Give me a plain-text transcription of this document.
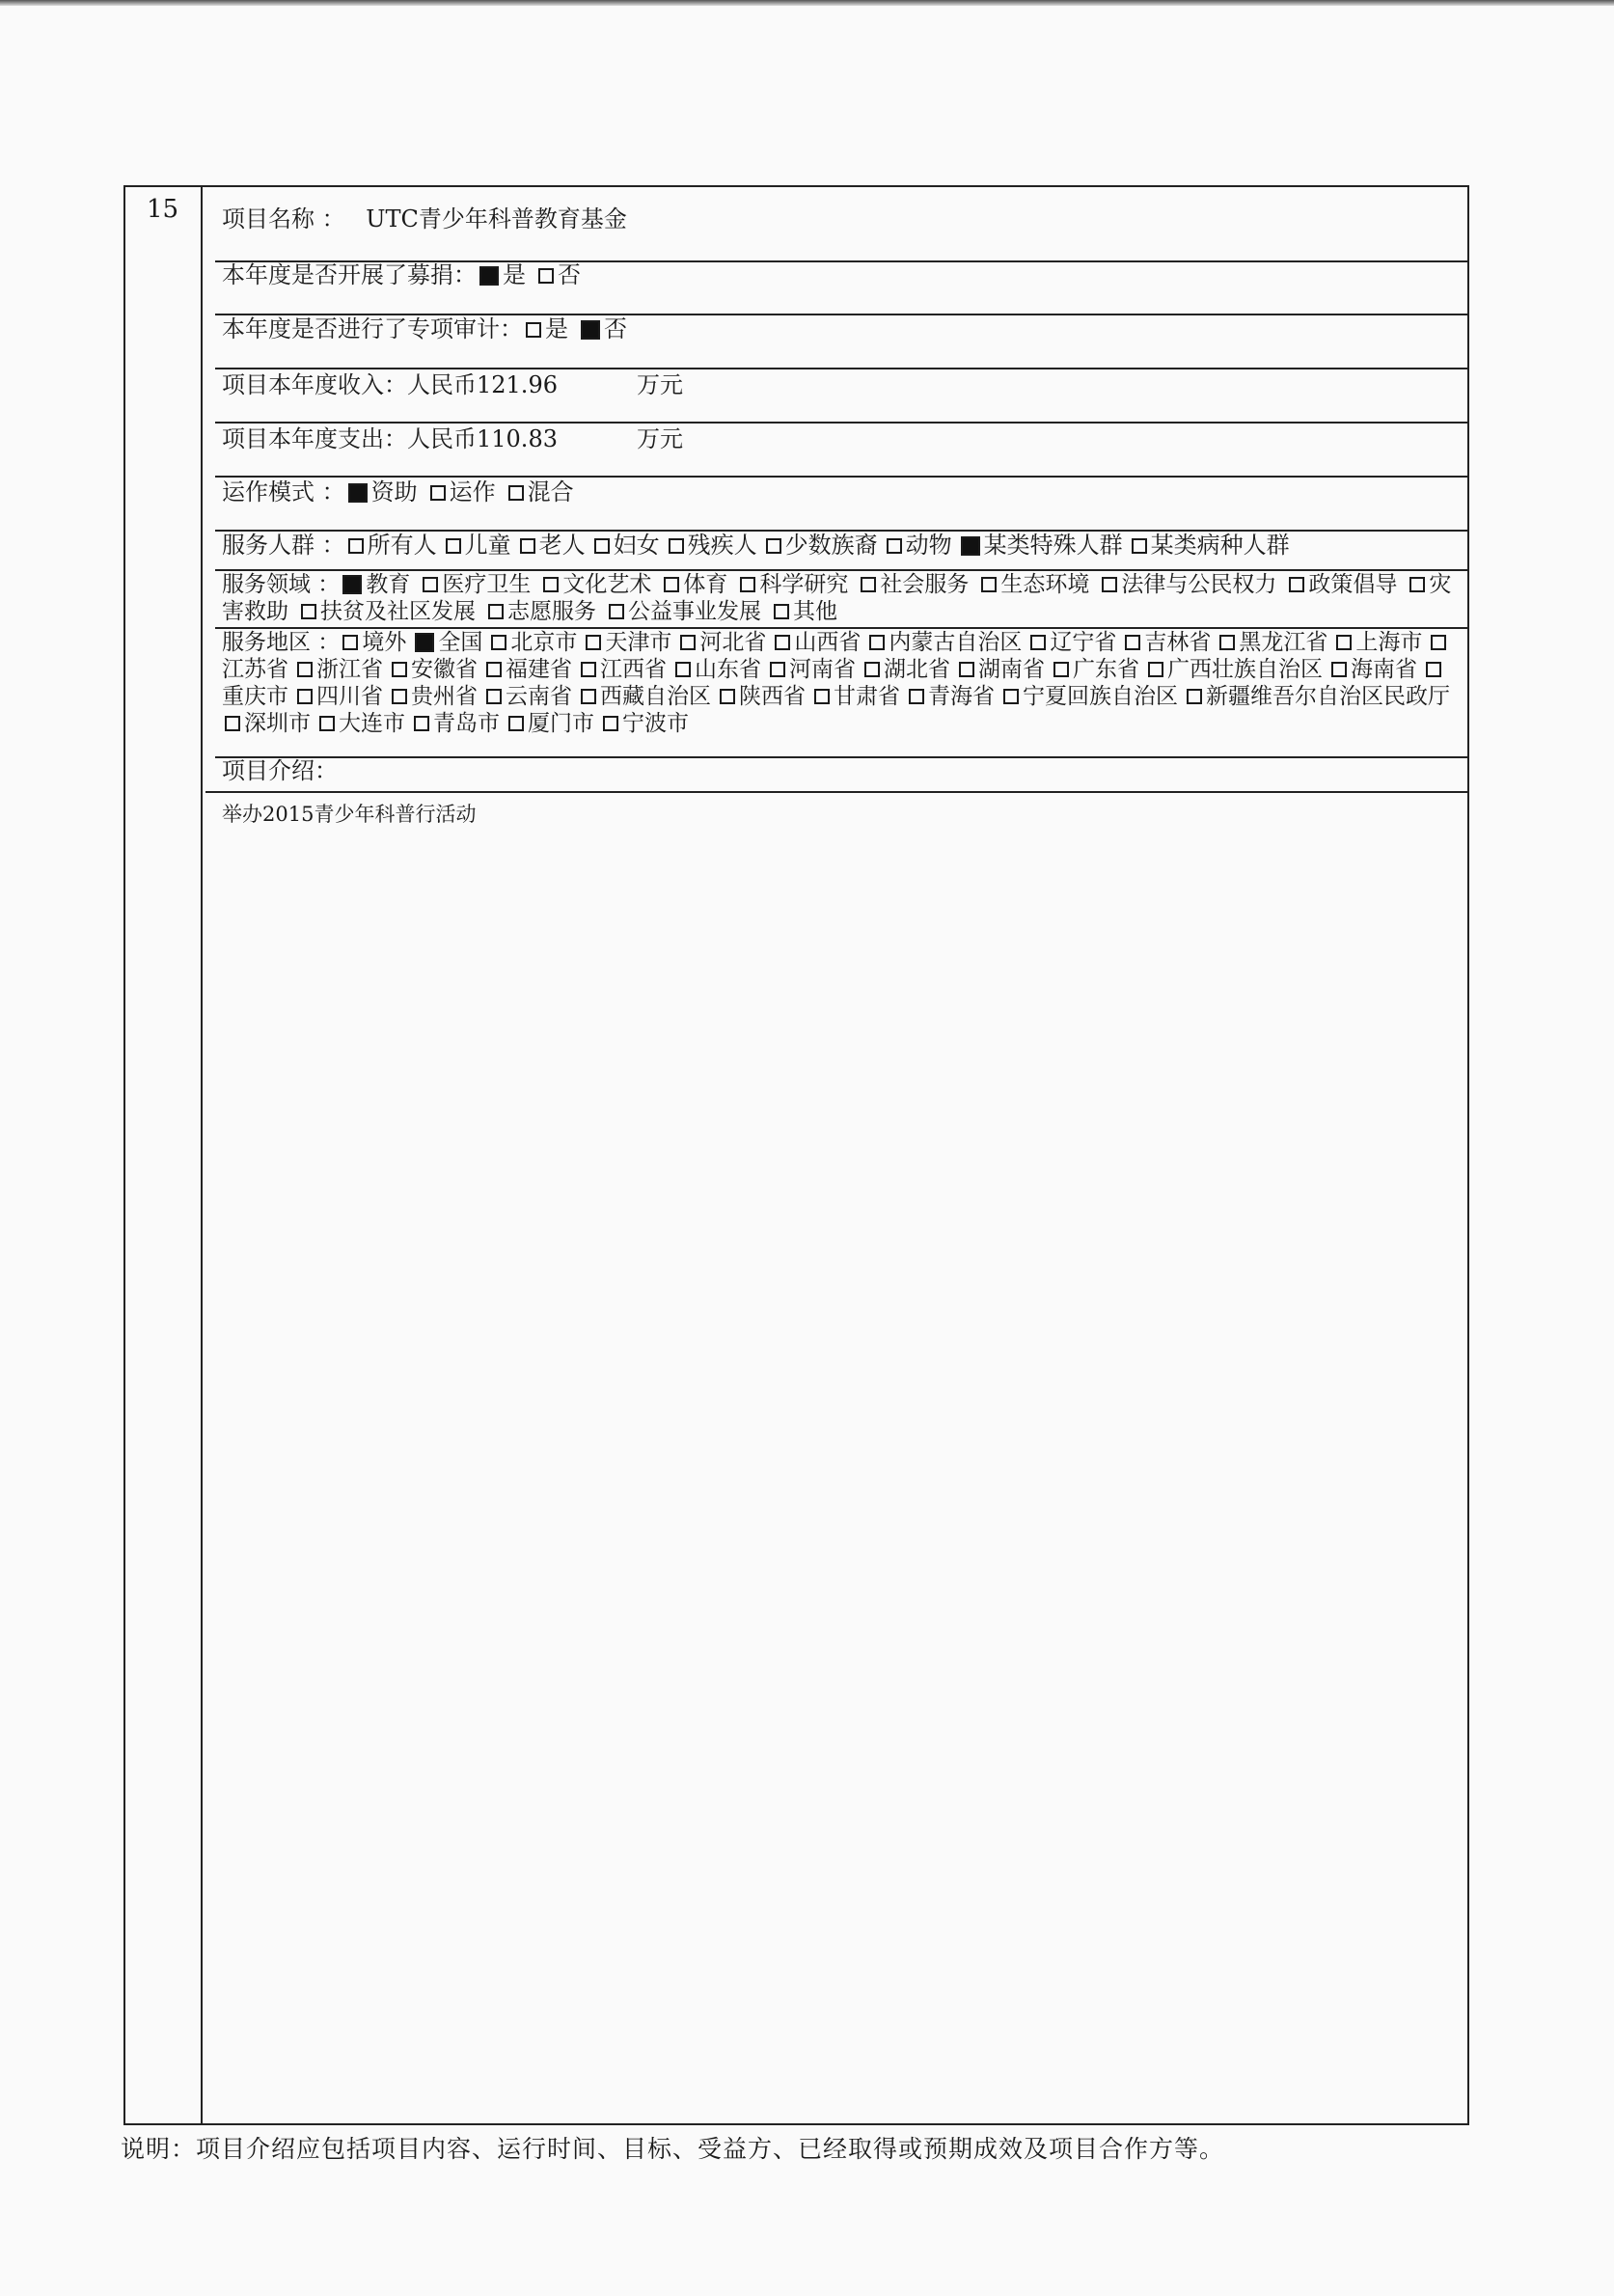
15 项目名称 ： UTC青少年科普教育基金
本年度是否开展了募捐： 是 否
本年度是否进行了专项审计： 是 否
项目本年度收入：人民币121.96	万元
项目本年度支出：人民币110.83	万元
运作模式 ： 资助 运作 混合
服务人群 ： 所有人 儿童 老人 妇女 残疾人 少数族裔 动物 某类特殊人群 某类病种人群
服务领域 ： 教育 医疗卫生 文化艺术 体育 科学研究 社会服务 生态环境 法律与公民权力 政策倡导 灾害救助 扶贫及社区发展 志愿服务 公益事业发展 其他
服务地区 ： 境外 全国 北京市 天津市 河北省 山西省 内蒙古自治区 辽宁省 吉林省 黑龙江省 上海市江苏省 浙江省 安徽省 福建省 江西省 山东省 河南省 湖北省 湖南省 广东省 广西壮族自治区 海南省重庆市 四川省 贵州省 云南省 西藏自治区 陕西省 甘肃省 青海省 宁夏回族自治区 新疆维吾尔自治区民政厅深圳市 大连市 青岛市 厦门市 宁波市
项目介绍：
举办2015青少年科普行活动
说明：项目介绍应包括项目内容、运行时间、目标、受益方、已经取得或预期成效及项目合作方等。
